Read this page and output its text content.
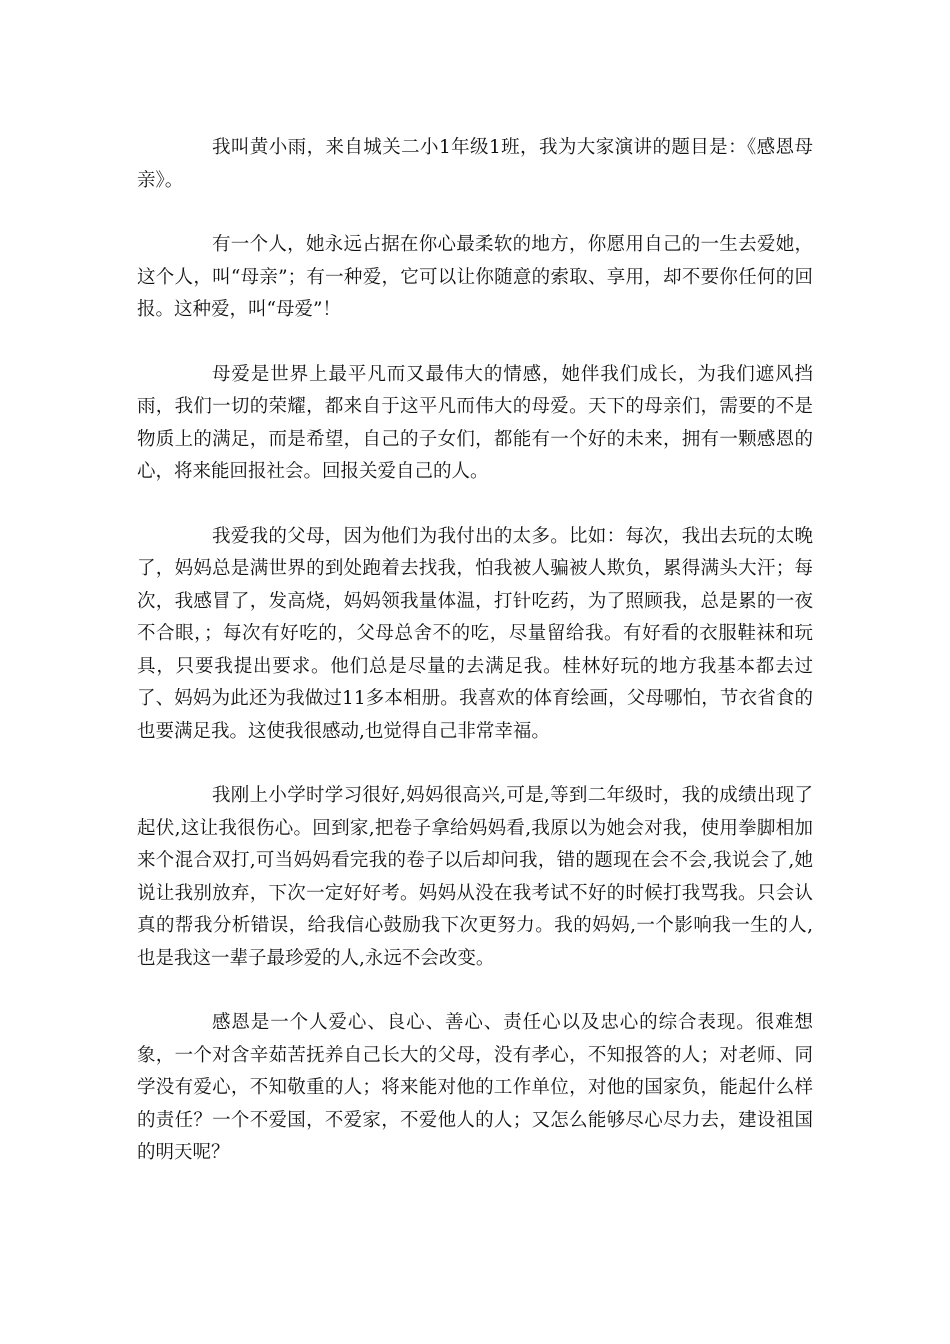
我叫黄小雨，来自城关二小1年级1班，我为大家演讲的题目是：《感恩母亲》。

有一个人，她永远占据在你心最柔软的地方，你愿用自己的一生去爱她，这个人，叫“母亲”；有一种爱，它可以让你随意的索取、享用，却不要你任何的回报。这种爱，叫“母爱”！

母爱是世界上最平凡而又最伟大的情感，她伴我们成长，为我们遮风挡雨，我们一切的荣耀，都来自于这平凡而伟大的母爱。天下的母亲们，需要的不是物质上的满足，而是希望，自己的子女们，都能有一个好的未来，拥有一颗感恩的心，将来能回报社会。回报关爱自己的人。

我爱我的父母，因为他们为我付出的太多。比如：每次，我出去玩的太晚了，妈妈总是满世界的到处跑着去找我，怕我被人骗被人欺负，累得满头大汗；每次，我感冒了，发高烧，妈妈领我量体温，打针吃药，为了照顾我，总是累的一夜不合眼，；每次有好吃的，父母总舍不的吃，尽量留给我。有好看的衣服鞋袜和玩具，只要我提出要求。他们总是尽量的去满足我。桂林好玩的地方我基本都去过了、妈妈为此还为我做过11多本相册。我喜欢的体育绘画，父母哪怕，节衣省食的也要满足我。这使我很感动,也觉得自己非常幸福。

我刚上小学时学习很好,妈妈很高兴,可是,等到二年级时，我的成绩出现了起伏,这让我很伤心。回到家,把卷子拿给妈妈看,我原以为她会对我，使用拳脚相加来个混合双打,可当妈妈看完我的卷子以后却问我，错的题现在会不会,我说会了,她说让我别放弃，下次一定好好考。妈妈从没在我考试不好的时候打我骂我。只会认真的帮我分析错误，给我信心鼓励我下次更努力。我的妈妈,一个影响我一生的人,也是我这一辈子最珍爱的人,永远不会改变。

感恩是一个人爱心、良心、善心、责任心以及忠心的综合表现。很难想象，一个对含辛茹苦抚养自己长大的父母，没有孝心，不知报答的人；对老师、同学没有爱心，不知敬重的人；将来能对他的工作单位，对他的国家负，能起什么样的责任？一个不爱国，不爱家，不爱他人的人；又怎么能够尽心尽力去，建设祖国的明天呢？
